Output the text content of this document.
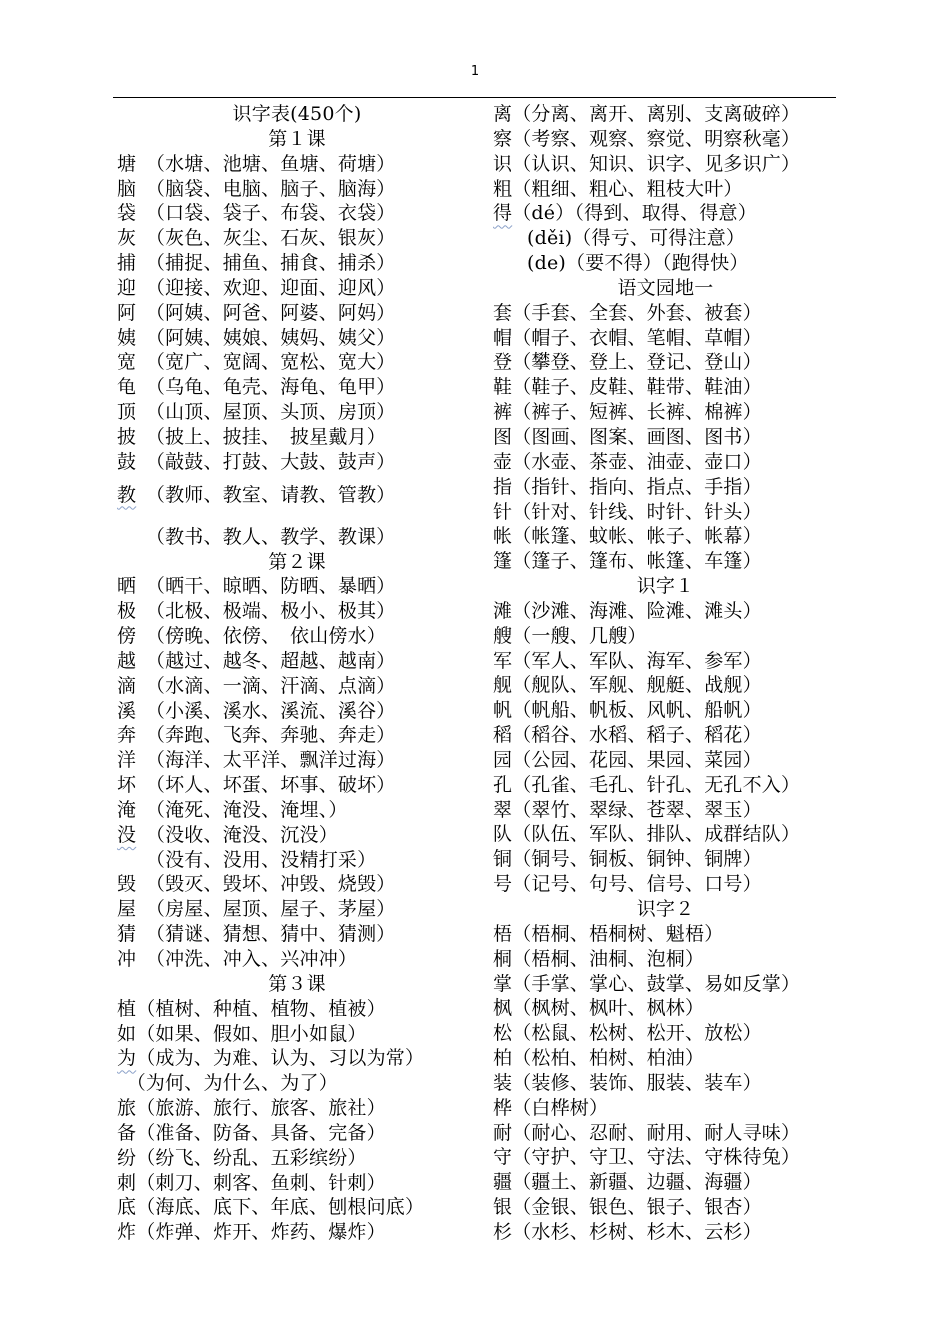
1
识字表(450个)
第１课
塘　（水塘、池塘、鱼塘、荷塘）
脑　（脑袋、电脑、脑子、脑海）
袋　（口袋、袋子、布袋、衣袋）
灰　（灰色、灰尘、石灰、银灰）
捕　（捕捉、捕鱼、捕食、捕杀）
迎　（迎接、欢迎、迎面、迎风）
阿　（阿姨、阿爸、阿婆、阿妈）
姨　（阿姨、姨娘、姨妈、姨父）
宽　（宽广、宽阔、宽松、宽大）
龟　（乌龟、龟壳、海龟、龟甲）
顶　（山顶、屋顶、头顶、房顶）
披　（披上、披挂、　披星戴月）
鼓　（敲鼓、打鼓、大鼓、鼓声）
教　（教师、教室、请教、管教）
　　（教书、教人、教学、教课）
第２课
晒　（晒干、晾晒、防晒、暴晒）
极　（北极、极端、极小、极其）
傍　（傍晚、依傍、　依山傍水）
越　（越过、越冬、超越、越南）
滴　（水滴、一滴、汗滴、点滴）
溪　（小溪、溪水、溪流、溪谷）
奔　（奔跑、飞奔、奔驰、奔走）
洋　（海洋、太平洋、飘洋过海）
坏　（坏人、坏蛋、坏事、破坏）
淹　（淹死、淹没、淹埋、）
没　（没收、淹没、沉没）
　　（没有、没用、没精打采）
毁　（毁灭、毁坏、冲毁、烧毁）
屋　（房屋、屋顶、屋子、茅屋）
猜　（猜谜、猜想、猜中、猜测）
冲　（冲洗、冲入、兴冲冲）
第３课
植（植树、种植、植物、植被）
如（如果、假如、胆小如鼠）
为（成为、为难、认为、习以为常）
　（为何、为什么、为了）
旅（旅游、旅行、旅客、旅社）
备（准备、防备、具备、完备）
纷（纷飞、纷乱、五彩缤纷）
刺（刺刀、刺客、鱼刺、针刺）
底（海底、底下、年底、刨根问底）
炸（炸弹、炸开、炸药、爆炸）
离（分离、离开、离别、支离破碎）
察（考察、观察、察觉、明察秋毫）
识（认识、知识、识字、见多识广）
粗（粗细、粗心、粗枝大叶）
得（dé）（得到、取得、得意）
(děi)（得亏、可得注意）
(de)（要不得）（跑得快）
语文园地一
套（手套、全套、外套、被套）
帽（帽子、衣帽、笔帽、草帽）
登（攀登、登上、登记、登山）
鞋（鞋子、皮鞋、鞋带、鞋油）
裤（裤子、短裤、长裤、棉裤）
图（图画、图案、画图、图书）
壶（水壶、茶壶、油壶、壶口）
指（指针、指向、指点、手指）
针（针对、针线、时针、针头）
帐（帐篷、蚊帐、帐子、帐幕）
篷（篷子、篷布、帐篷、车篷）
识字１
滩（沙滩、海滩、险滩、滩头）
艘（一艘、几艘）
军（军人、军队、海军、参军）
舰（舰队、军舰、舰艇、战舰）
帆（帆船、帆板、风帆、船帆）
稻（稻谷、水稻、稻子、稻花）
园（公园、花园、果园、菜园）
孔（孔雀、毛孔、针孔、无孔不入）
翠（翠竹、翠绿、苍翠、翠玉）
队（队伍、军队、排队、成群结队）
铜（铜号、铜板、铜钟、铜牌）
号（记号、句号、信号、口号）
识字２
梧（梧桐、梧桐树、魁梧）
桐（梧桐、油桐、泡桐）
掌（手掌、掌心、鼓掌、易如反掌）
枫（枫树、枫叶、枫林）
松（松鼠、松树、松开、放松）
柏（松柏、柏树、柏油）
装（装修、装饰、服装、装车）
桦（白桦树）
耐（耐心、忍耐、耐用、耐人寻味）
守（守护、守卫、守法、守株待兔）
疆（疆土、新疆、边疆、海疆）
银（金银、银色、银子、银杏）
杉（水杉、杉树、杉木、云杉）
